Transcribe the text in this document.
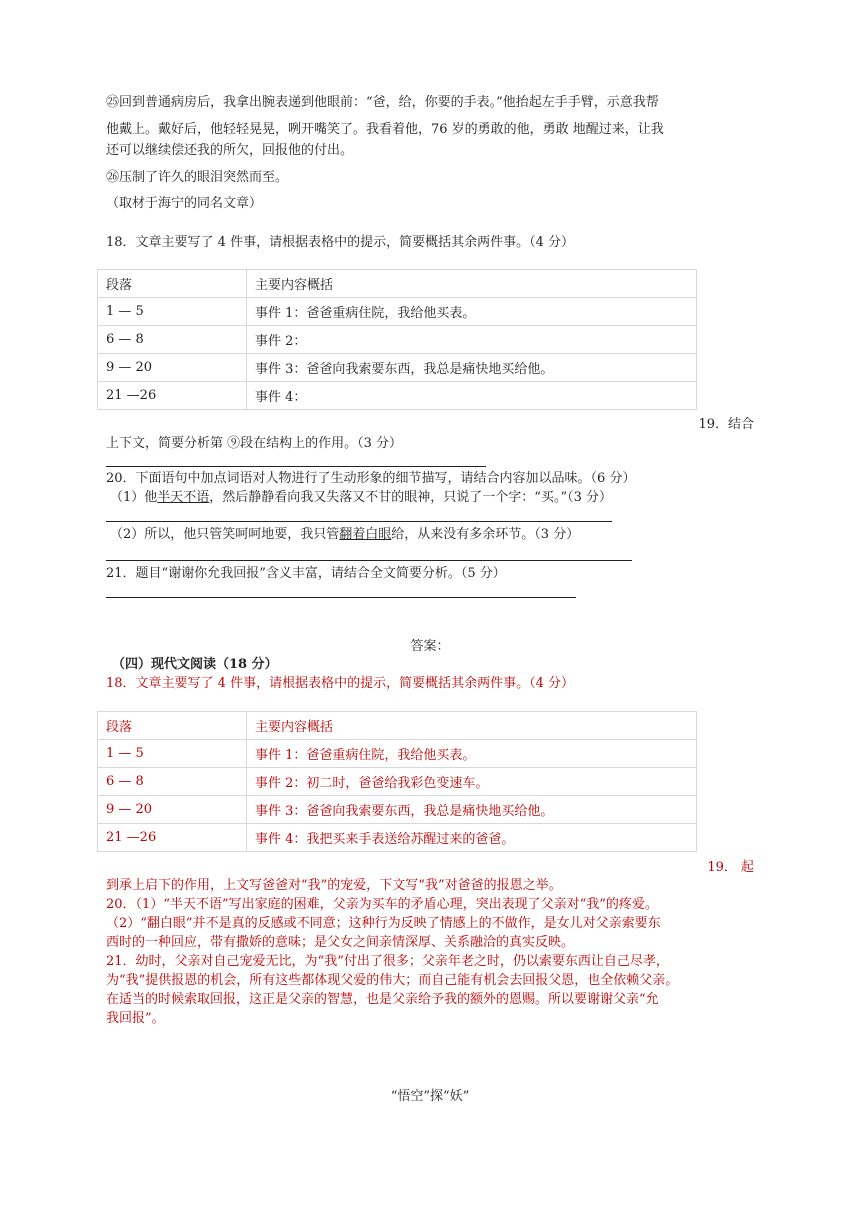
㉕回到普通病房后，我拿出腕表递到他眼前：“爸，给，你要的手表。”他抬起左手手臂，示意我帮
他戴上。戴好后，他轻轻晃晃，咧开嘴笑了。我看着他，76 岁的勇敢的他，勇敢 地醒过来，让我
还可以继续偿还我的所欠，回报他的付出。
㉖压制了许久的眼泪突然而至。
（取材于海宁的同名文章）
18．文章主要写了 4 件事，请根据表格中的提示，简要概括其余两件事。（4 分）
段落	主要内容概括
1 — 5	事件 1：爸爸重病住院，我给他买表。
6 — 8	事件 2：
9 — 20	事件 3：爸爸向我索要东西，我总是痛快地买给他。
21 —26	事件 4：
19．结合
上下文，简要分析第 ⑨段在结构上的作用。（3 分）
20．下面语句中加点词语对人物进行了生动形象的细节描写，请结合内容加以品味。（6 分）
（1）他半天不语，然后静静看向我又失落又不甘的眼神，只说了一个字：“买。”（3 分）
（2）所以，他只管笑呵呵地要，我只管翻着白眼给，从来没有多余环节。（3 分）
21．题目“谢谢你允我回报”含义丰富，请结合全文简要分析。（5 分）
答案：
（四）现代文阅读（18 分）
18．文章主要写了 4 件事，请根据表格中的提示，简要概括其余两件事。（4 分）
段落	主要内容概括
1 — 5	事件 1：爸爸重病住院，我给他买表。
6 — 8	事件 2：初二时，爸爸给我彩色变速车。
9 — 20	事件 3：爸爸向我索要东西，我总是痛快地买给他。
21 —26	事件 4：我把买来手表送给苏醒过来的爸爸。
19． 起
到承上启下的作用，上文写爸爸对“我”的宠爱，下文写“我”对爸爸的报恩之举。
20．（1）“半天不语”写出家庭的困难，父亲为买车的矛盾心理，突出表现了父亲对“我”的疼爱。
（2）“翻白眼”并不是真的反感或不同意；这种行为反映了情感上的不做作，是女儿对父亲索要东
西时的一种回应，带有撒娇的意味；是父女之间亲情深厚、关系融洽的真实反映。
21．幼时，父亲对自己宠爱无比，为“我”付出了很多；父亲年老之时，仍以索要东西让自己尽孝，
为“我”提供报恩的机会，所有这些都体现父爱的伟大；而自己能有机会去回报父恩，也全依赖父亲。
在适当的时候索取回报，这正是父亲的智慧，也是父亲给予我的额外的恩赐。所以要谢谢父亲“允
我回报”。
“悟空”探“妖”
